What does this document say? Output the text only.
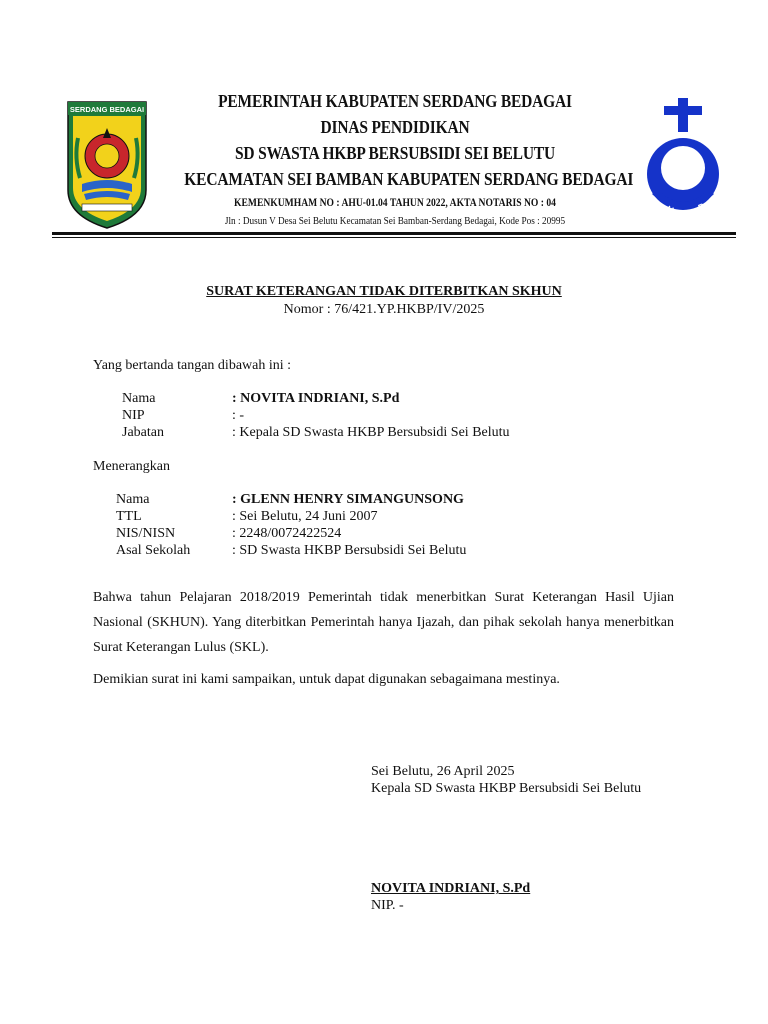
SERDANG BEDAGAI	PEMERINTAH KABUPATEN SERDANG BEDAGAI
DINAS PENDIDIKAN
SD SWASTA HKBP BERSUBSIDI SEI BELUTU
KECAMATAN SEI BAMBAN KABUPATEN SERDANG BEDAGAI
KEMENKUMHAM NO : AHU-01.04 TAHUN 2022, AKTA NOTARIS NO : 04
Jln : Dusun V Desa Sei Belutu Kecamatan Sei Bamban-Serdang Bedagai, Kode Pos : 20995
H K B
P
SURAT KETERANGAN TIDAK DITERBITKAN SKHUN
Nomor : 76/421.YP.HKBP/IV/2025
Yang bertanda tangan dibawah ini :
Nama	: NOVITA INDRIANI, S.Pd
NIP	: -
Jabatan	: Kepala SD Swasta HKBP Bersubsidi Sei Belutu
Menerangkan
Nama	: GLENN HENRY SIMANGUNSONG
TTL	: Sei Belutu, 24 Juni 2007
NIS/NISN	: 2248/0072422524
Asal Sekolah	: SD Swasta HKBP Bersubsidi Sei Belutu
Bahwa tahun Pelajaran 2018/2019 Pemerintah tidak menerbitkan Surat Keterangan Hasil Ujian Nasional (SKHUN). Yang diterbitkan Pemerintah hanya Ijazah, dan pihak sekolah hanya menerbitkan Surat Keterangan Lulus (SKL).
Demikian surat ini kami sampaikan, untuk dapat digunakan sebagaimana mestinya.
Sei Belutu, 26 April 2025
Kepala SD Swasta HKBP Bersubsidi Sei Belutu
NOVITA INDRIANI, S.Pd
NIP. -
